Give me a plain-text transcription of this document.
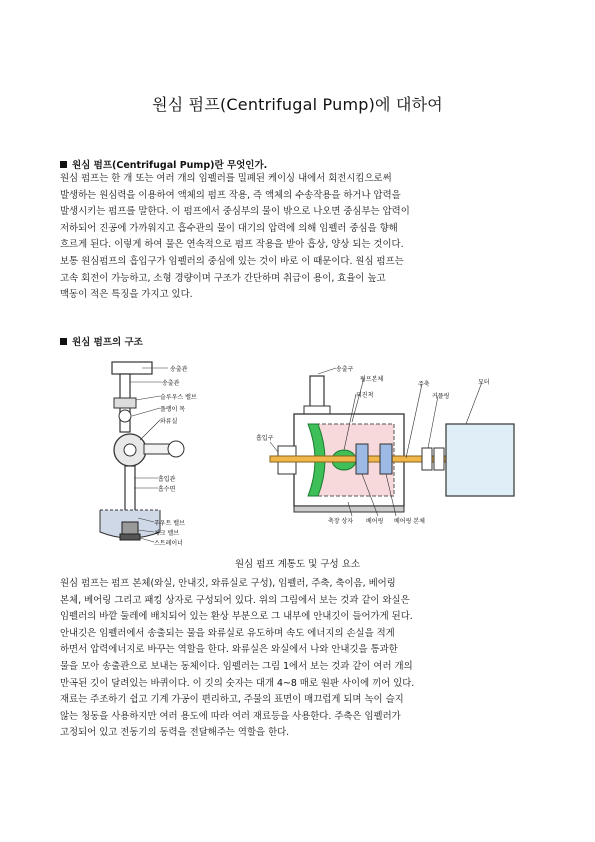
원심 펌프(Centrifugal Pump)에 대하여
원심 펌프(Centrifugal Pump)란 무엇인가.
원심 펌프는 한 개 또는 여러 개의 임펠러를 밀폐된 케이싱 내에서 회전시킴으로써
발생하는 원심력을 이용하여 액체의 펌프 작용, 즉 액체의 수송작용을 하거나 압력을
발생시키는 펌프를 말한다. 이 펌프에서 중심부의 물이 밖으로 나오면 중심부는 압력이
저하되어 진공에 가까워지고 흡수관의 물이 대기의 압력에 의해 임펠러 중심을 향해
흐르게 된다. 이렇게 하여 물은 연속적으로 펌프 작용을 받아 흡상, 양상 되는 것이다.
보통 원심펌프의 흡입구가 임펠러의 중심에 있는 것이 바로 이 때문이다. 원심 펌프는
고속 회전이 가능하고, 소형 경량이며 구조가 간단하며 취급이 용이, 효율이 높고
맥동이 적은 특징을 가지고 있다.
원심 펌프의 구조
송출관
송출관
슬루우스 밸브
플랭이 목
와류실
흡입관
흡수면
푸우트 밸브
체크 밸브
스트레이너
송출구
펌프본체
되진척
주축
커플링
모터
흡입구
축장 상자 베어링 베어링 본체
원심 펌프 계통도 및 구성 요소
원심 펌프는 펌프 본체(와실, 안내깃, 와류실로 구성), 임펠러, 주축, 축이음, 베어링
본체, 베어링 그리고 패킹 상자로 구성되어 있다. 위의 그림에서 보는 것과 같이 와실은
임펠러의 바깥 둘레에 배치되어 있는 환상 부분으로 그 내부에 안내깃이 들어가게 된다.
안내깃은 임펠러에서 송출되는 물을 와류실로 유도하며 속도 에너지의 손실을 적게
하면서 압력에너지로 바꾸는 역할을 한다. 와류실은 와실에서 나와 안내깃을 통과한
물을 모아 송출관으로 보내는 동체이다. 임펠러는 그림 1에서 보는 것과 같이 여러 개의
만곡된 깃이 달려있는 바퀴이다. 이 깃의 숫자는 대개 4~8 매로 원판 사이에 끼어 있다.
재료는 주조하기 쉽고 기계 가공이 편리하고, 주물의 표면이 매끄럽게 되며 녹이 슬지
않는 청동을 사용하지만 여러 용도에 따라 여러 재료등을 사용한다. 주축은 임펠러가
고정되어 있고 전동기의 동력을 전달해주는 역할을 한다.
